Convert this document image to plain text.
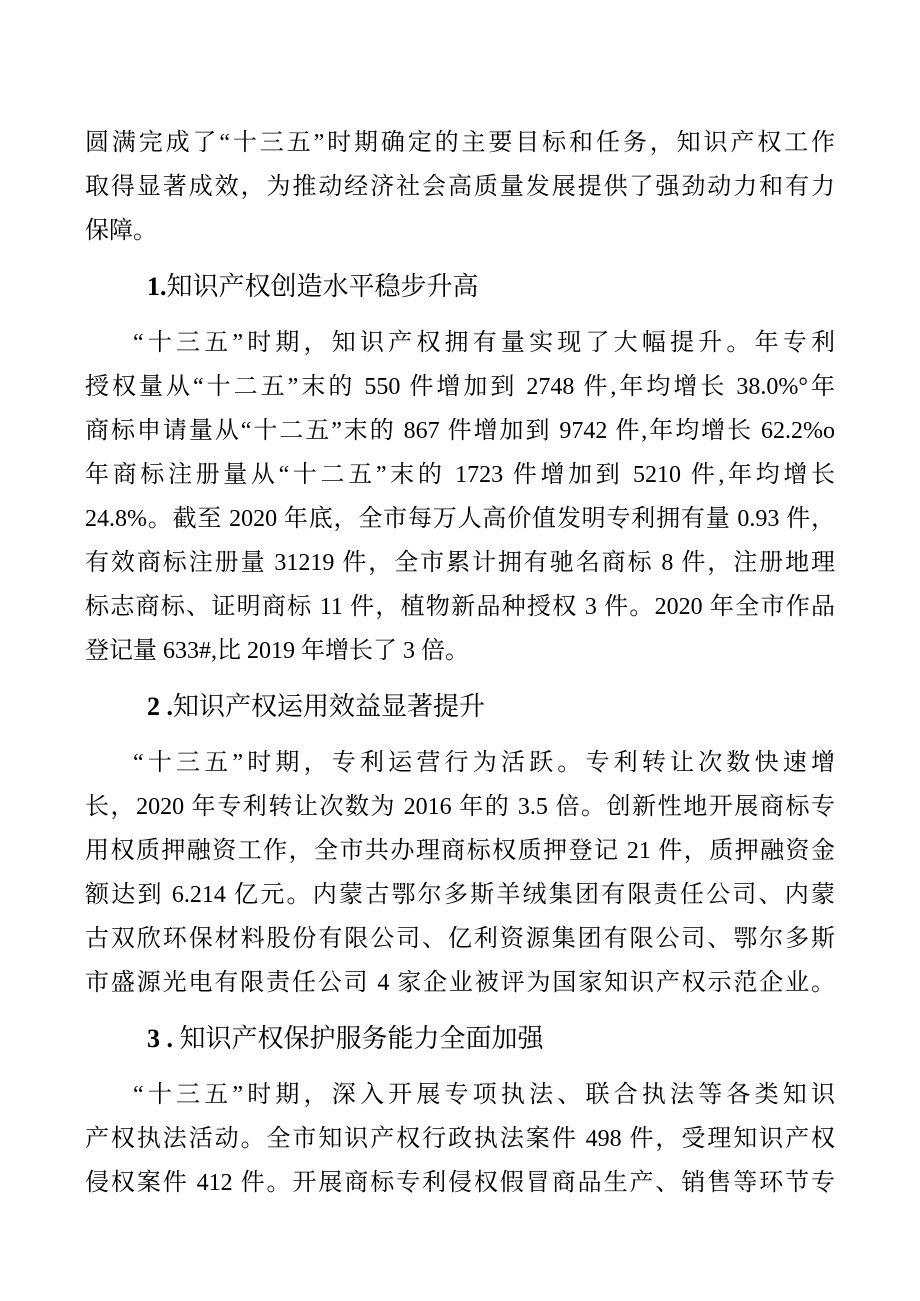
圆满完成了“十三五”时期确定的主要目标和任务，知识产权工作
取得显著成效，为推动经济社会高质量发展提供了强劲动力和有力
保障。
1.知识产权创造水平稳步升高
“十三五”时期，知识产权拥有量实现了大幅提升。年专利
授权量从“十二五”末的 550 件增加到 2748 件,年均增长 38.0%°年
商标申请量从“十二五”末的 867 件增加到 9742 件,年均增长 62.2%o
年商标注册量从“十二五”末的 1723 件增加到 5210 件,年均增长
24.8%。截至 2020 年底，全市每万人高价值发明专利拥有量 0.93 件，
有效商标注册量 31219 件，全市累计拥有驰名商标 8 件，注册地理
标志商标、证明商标 11 件，植物新品种授权 3 件。2020 年全市作品
登记量 633#,比 2019 年增长了 3 倍。
2 .知识产权运用效益显著提升
“十三五”时期，专利运营行为活跃。专利转让次数快速增
长，2020 年专利转让次数为 2016 年的 3.5 倍。创新性地开展商标专
用权质押融资工作，全市共办理商标权质押登记 21 件，质押融资金
额达到 6.214 亿元。内蒙古鄂尔多斯羊绒集团有限责任公司、内蒙
古双欣环保材料股份有限公司、亿利资源集团有限公司、鄂尔多斯
市盛源光电有限责任公司 4 家企业被评为国家知识产权示范企业。
3 . 知识产权保护服务能力全面加强
“十三五”时期，深入开展专项执法、联合执法等各类知识
产权执法活动。全市知识产权行政执法案件 498 件，受理知识产权
侵权案件 412 件。开展商标专利侵权假冒商品生产、销售等环节专
